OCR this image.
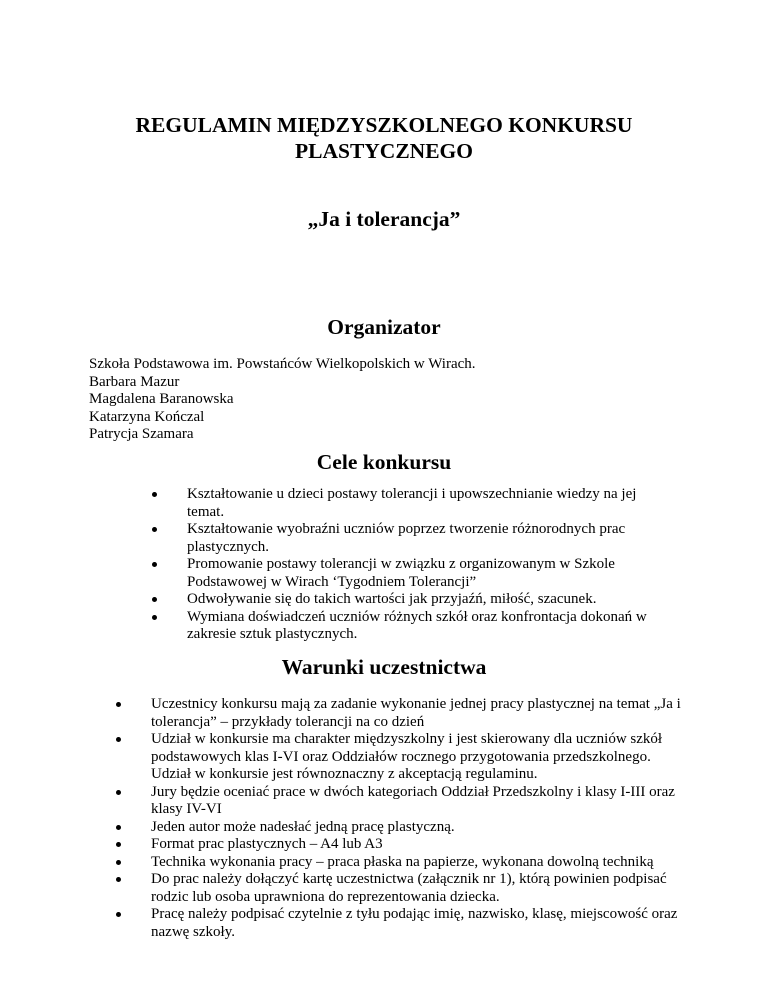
REGULAMIN MIĘDZYSZKOLNEGO KONKURSU
PLASTYCZNEGO
„Ja i tolerancja”
Organizator
Szkoła Podstawowa im. Powstańców Wielkopolskich w Wirach.
Barbara Mazur
Magdalena Baranowska
Katarzyna Kończal
Patrycja Szamara
Cele konkursu
Kształtowanie u dzieci postawy tolerancji i upowszechnianie wiedzy na jej temat.
Kształtowanie wyobraźni uczniów poprzez tworzenie różnorodnych prac plastycznych.
Promowanie postawy tolerancji w związku z organizowanym w Szkole Podstawowej w Wirach ‘Tygodniem Tolerancji”
Odwoływanie się do takich wartości jak przyjaźń, miłość, szacunek.
Wymiana doświadczeń uczniów różnych szkół oraz konfrontacja dokonań w zakresie sztuk plastycznych.
Warunki uczestnictwa
Uczestnicy konkursu mają za zadanie wykonanie jednej pracy plastycznej na temat „Ja i tolerancja” – przykłady tolerancji na co dzień
Udział w konkursie ma charakter międzyszkolny i jest skierowany dla uczniów szkół podstawowych klas I-VI oraz Oddziałów rocznego przygotowania przedszkolnego. Udział w konkursie jest równoznaczny z akceptacją regulaminu.
Jury będzie oceniać prace w dwóch kategoriach Oddział Przedszkolny i klasy I-III oraz klasy IV-VI
Jeden autor może nadesłać jedną pracę plastyczną.
Format prac plastycznych – A4 lub A3
Technika wykonania pracy – praca płaska na papierze, wykonana dowolną techniką
Do prac należy dołączyć kartę uczestnictwa (załącznik nr 1), którą powinien podpisać rodzic lub osoba uprawniona do reprezentowania dziecka.
Pracę należy podpisać czytelnie z tyłu podając imię, nazwisko, klasę, miejscowość oraz nazwę szkoły.
